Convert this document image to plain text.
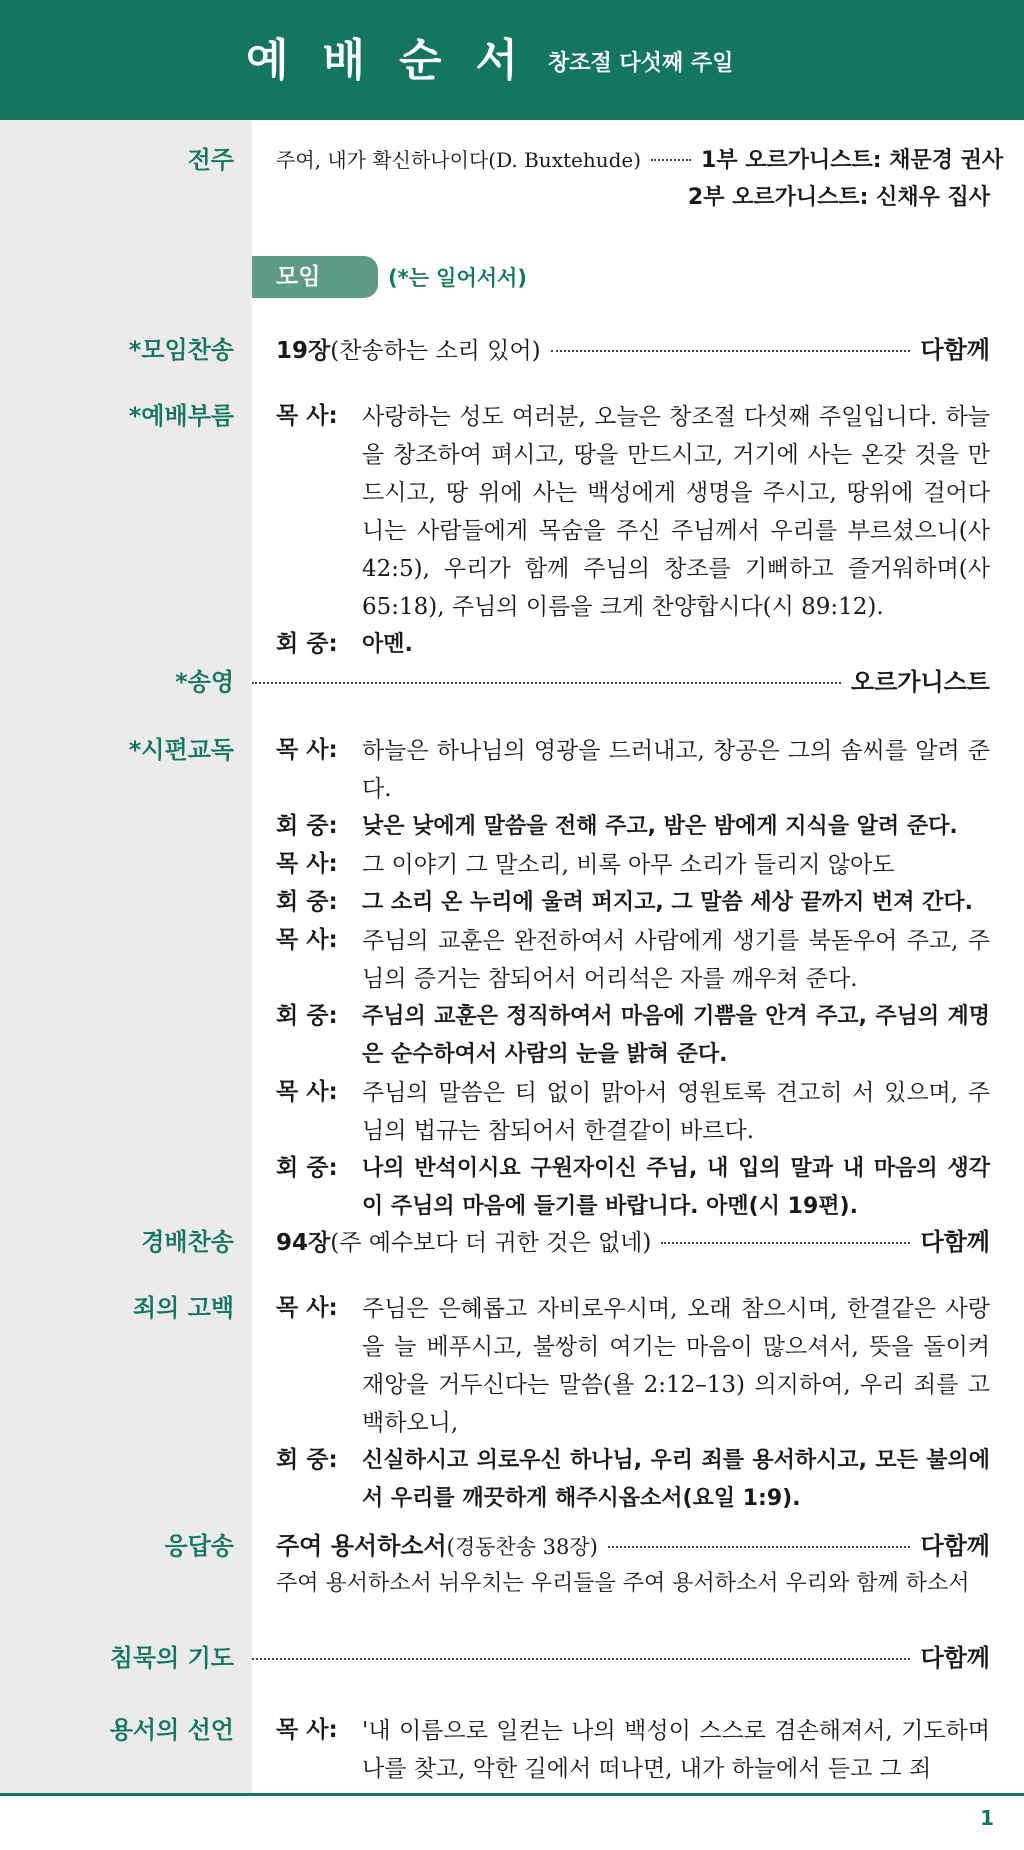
예배순서
창조절 다섯째 주일
전주 주여, 내가 확신하나이다(D. Buxtehude)	1부 오르가니스트: 채문경 권사
2부 오르가니스트: 신채우 집사
모임	(*는 일어서서)
*모임찬송 19장 (찬송하는 소리 있어)	다함께
*예배부름 목 사:	사랑하는 성도 여러분, 오늘은 창조절 다섯째 주일입니다. 하늘을 창조하여 펴시고, 땅을 만드시고, 거기에 사는 온갖 것을 만드시고, 땅 위에 사는 백성에게 생명을 주시고, 땅위에 걸어다니는 사람들에게 목숨을 주신 주님께서 우리를 부르셨으니(사 42:5), 우리가 함께 주님의 창조를 기뻐하고 즐거워하며(사 65:18), 주님의 이름을 크게 찬양합시다(시 89:12).
회 중:	아멘.
*송영	오르가니스트
*시편교독 목 사:	하늘은 하나님의 영광을 드러내고, 창공은 그의 솜씨를 알려 준다.
회 중:	낮은 낮에게 말씀을 전해 주고, 밤은 밤에게 지식을 알려 준다.
목 사:	그 이야기 그 말소리, 비록 아무 소리가 들리지 않아도
회 중:	그 소리 온 누리에 울려 퍼지고, 그 말씀 세상 끝까지 번져 간다.
목 사:	주님의 교훈은 완전하여서 사람에게 생기를 북돋우어 주고, 주님의 증거는 참되어서 어리석은 자를 깨우쳐 준다.
회 중:	주님의 교훈은 정직하여서 마음에 기쁨을 안겨 주고, 주님의 계명은 순수하여서 사람의 눈을 밝혀 준다.
목 사:	주님의 말씀은 티 없이 맑아서 영원토록 견고히 서 있으며, 주님의 법규는 참되어서 한결같이 바르다.
회 중:	나의 반석이시요 구원자이신 주님, 내 입의 말과 내 마음의 생각이 주님의 마음에 들기를 바랍니다. 아멘(시 19편).
경배찬송 94장 (주 예수보다 더 귀한 것은 없네)	다함께
죄의 고백 목 사:	주님은 은혜롭고 자비로우시며, 오래 참으시며, 한결같은 사랑을 늘 베푸시고, 불쌍히 여기는 마음이 많으셔서, 뜻을 돌이켜 재앙을 거두신다는 말씀(욜 2:12–13) 의지하여, 우리 죄를 고백하오니,
회 중:	신실하시고 의로우신 하나님, 우리 죄를 용서하시고, 모든 불의에서 우리를 깨끗하게 해주시옵소서(요일 1:9).
응답송 주여 용서하소서 (경동찬송 38장)	다함께
주여 용서하소서 뉘우치는 우리들을 주여 용서하소서 우리와 함께 하소서
침묵의 기도	다함께
용서의 선언 목 사:	'내 이름으로 일컫는 나의 백성이 스스로 겸손해져서, 기도하며 나를 찾고, 악한 길에서 떠나면, 내가 하늘에서 듣고 그 죄
1
